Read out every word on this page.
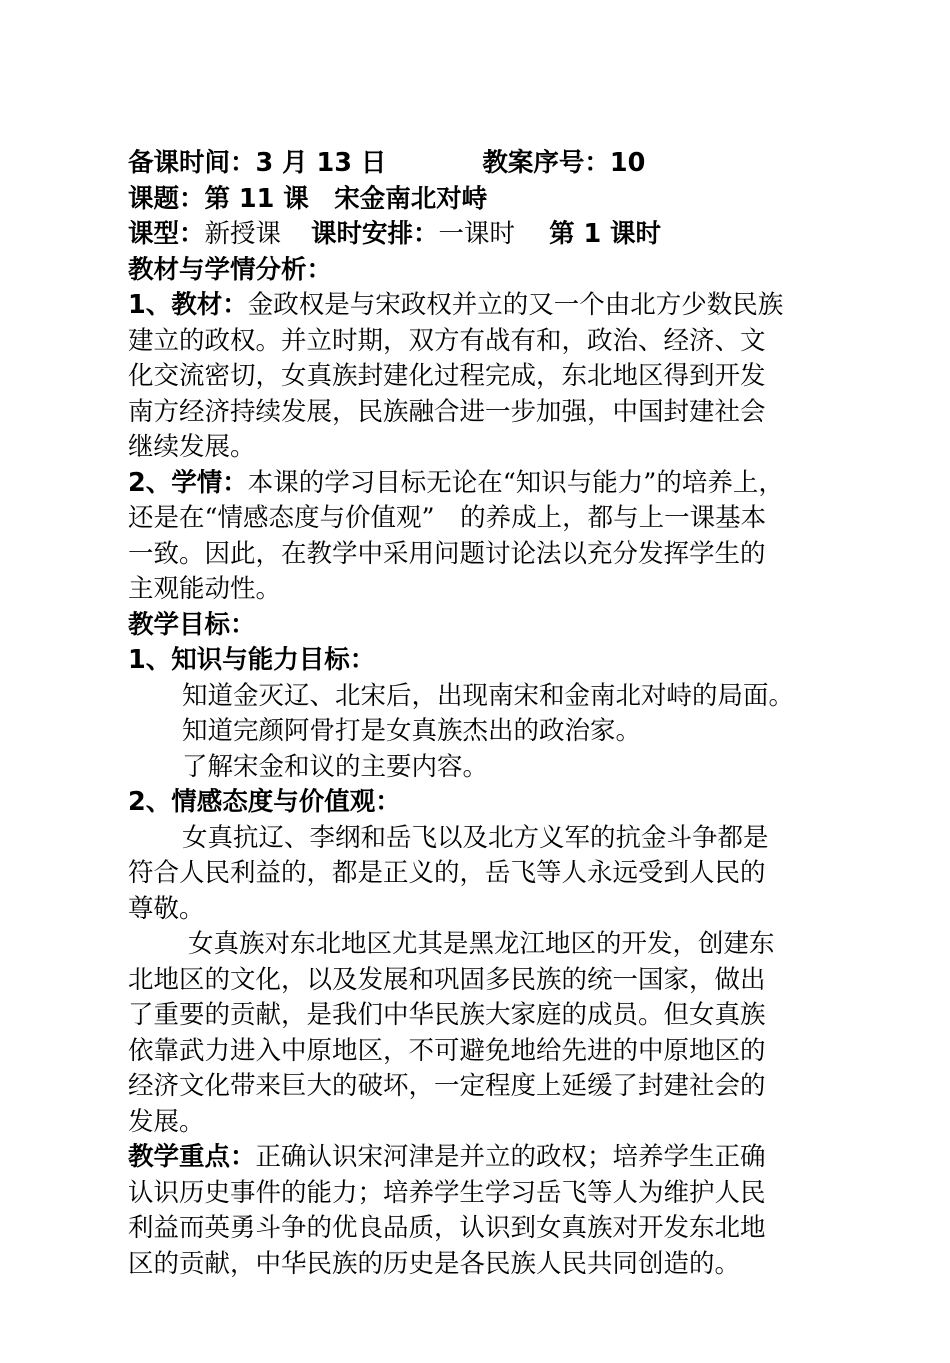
备课时间：3 月 13 日	教案序号：10
课题：第 11 课　宋金南北对峙
课型：新授课 课时安排：一课时 第 1 课时
教材与学情分析：
1、教材：金政权是与宋政权并立的又一个由北方少数民族
建立的政权。并立时期，双方有战有和，政治、经济、文
化交流密切，女真族封建化过程完成，东北地区得到开发
南方经济持续发展，民族融合进一步加强，中国封建社会
继续发展。
2、学情：本课的学习目标无论在“知识与能力”的培养上，
还是在“情感态度与价值观”　的养成上，都与上一课基本
一致。因此，在教学中采用问题讨论法以充分发挥学生的
主观能动性。
教学目标：
1、知识与能力目标：
知道金灭辽、北宋后，出现南宋和金南北对峙的局面。
知道完颜阿骨打是女真族杰出的政治家。
了解宋金和议的主要内容。
2、情感态度与价值观：
女真抗辽、李纲和岳飞以及北方义军的抗金斗争都是
符合人民利益的，都是正义的，岳飞等人永远受到人民的
尊敬。
女真族对东北地区尤其是黑龙江地区的开发，创建东
北地区的文化，以及发展和巩固多民族的统一国家，做出
了重要的贡献，是我们中华民族大家庭的成员。但女真族
依靠武力进入中原地区，不可避免地给先进的中原地区的
经济文化带来巨大的破坏，一定程度上延缓了封建社会的
发展。
教学重点：正确认识宋河津是并立的政权；培养学生正确
认识历史事件的能力；培养学生学习岳飞等人为维护人民
利益而英勇斗争的优良品质，认识到女真族对开发东北地
区的贡献，中华民族的历史是各民族人民共同创造的。
